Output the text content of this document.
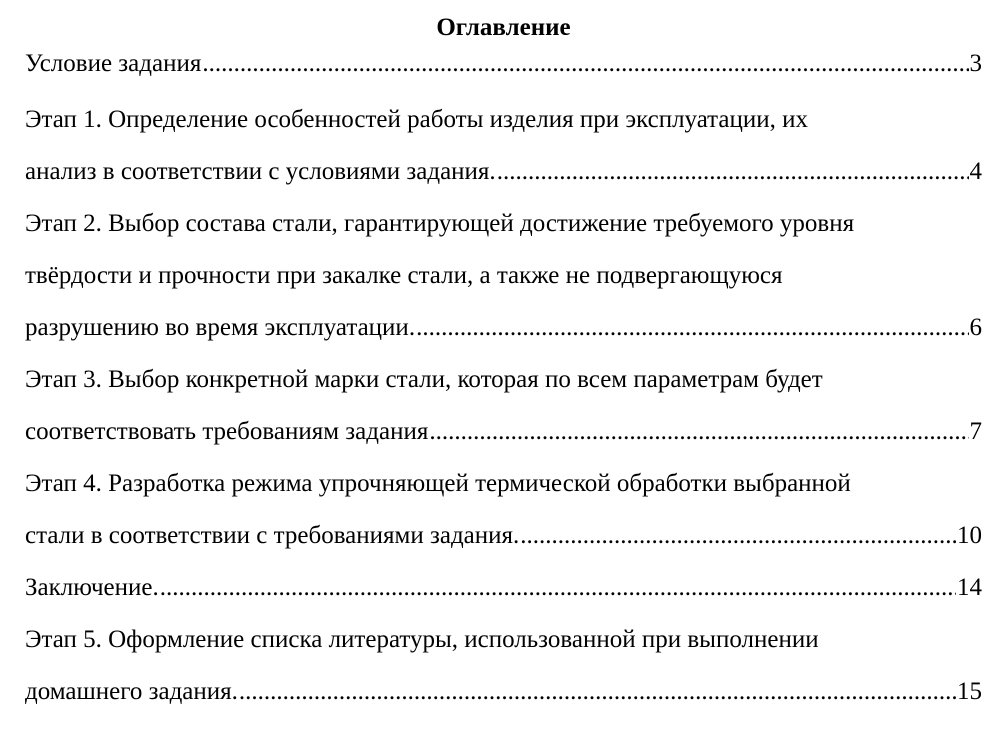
Оглавление
Условие задания .....	3
Этап 1. Определение особенностей работы изделия при эксплуатации, их
анализ в соответствии с условиями задания. .....	4
Этап 2. Выбор состава стали, гарантирующей достижение требуемого уровня
твёрдости и прочности при закалке стали, а также не подвергающуюся
разрушению во время эксплуатации. .....	6
Этап 3. Выбор конкретной марки стали, которая по всем параметрам будет
соответствовать требованиям задания .....	7
Этап 4. Разработка режима упрочняющей термической обработки выбранной
стали в соответствии с требованиями задания. .....	10
Заключение. .....	14
Этап 5. Оформление списка литературы, использованной при выполнении
домашнего задания. .....	15
